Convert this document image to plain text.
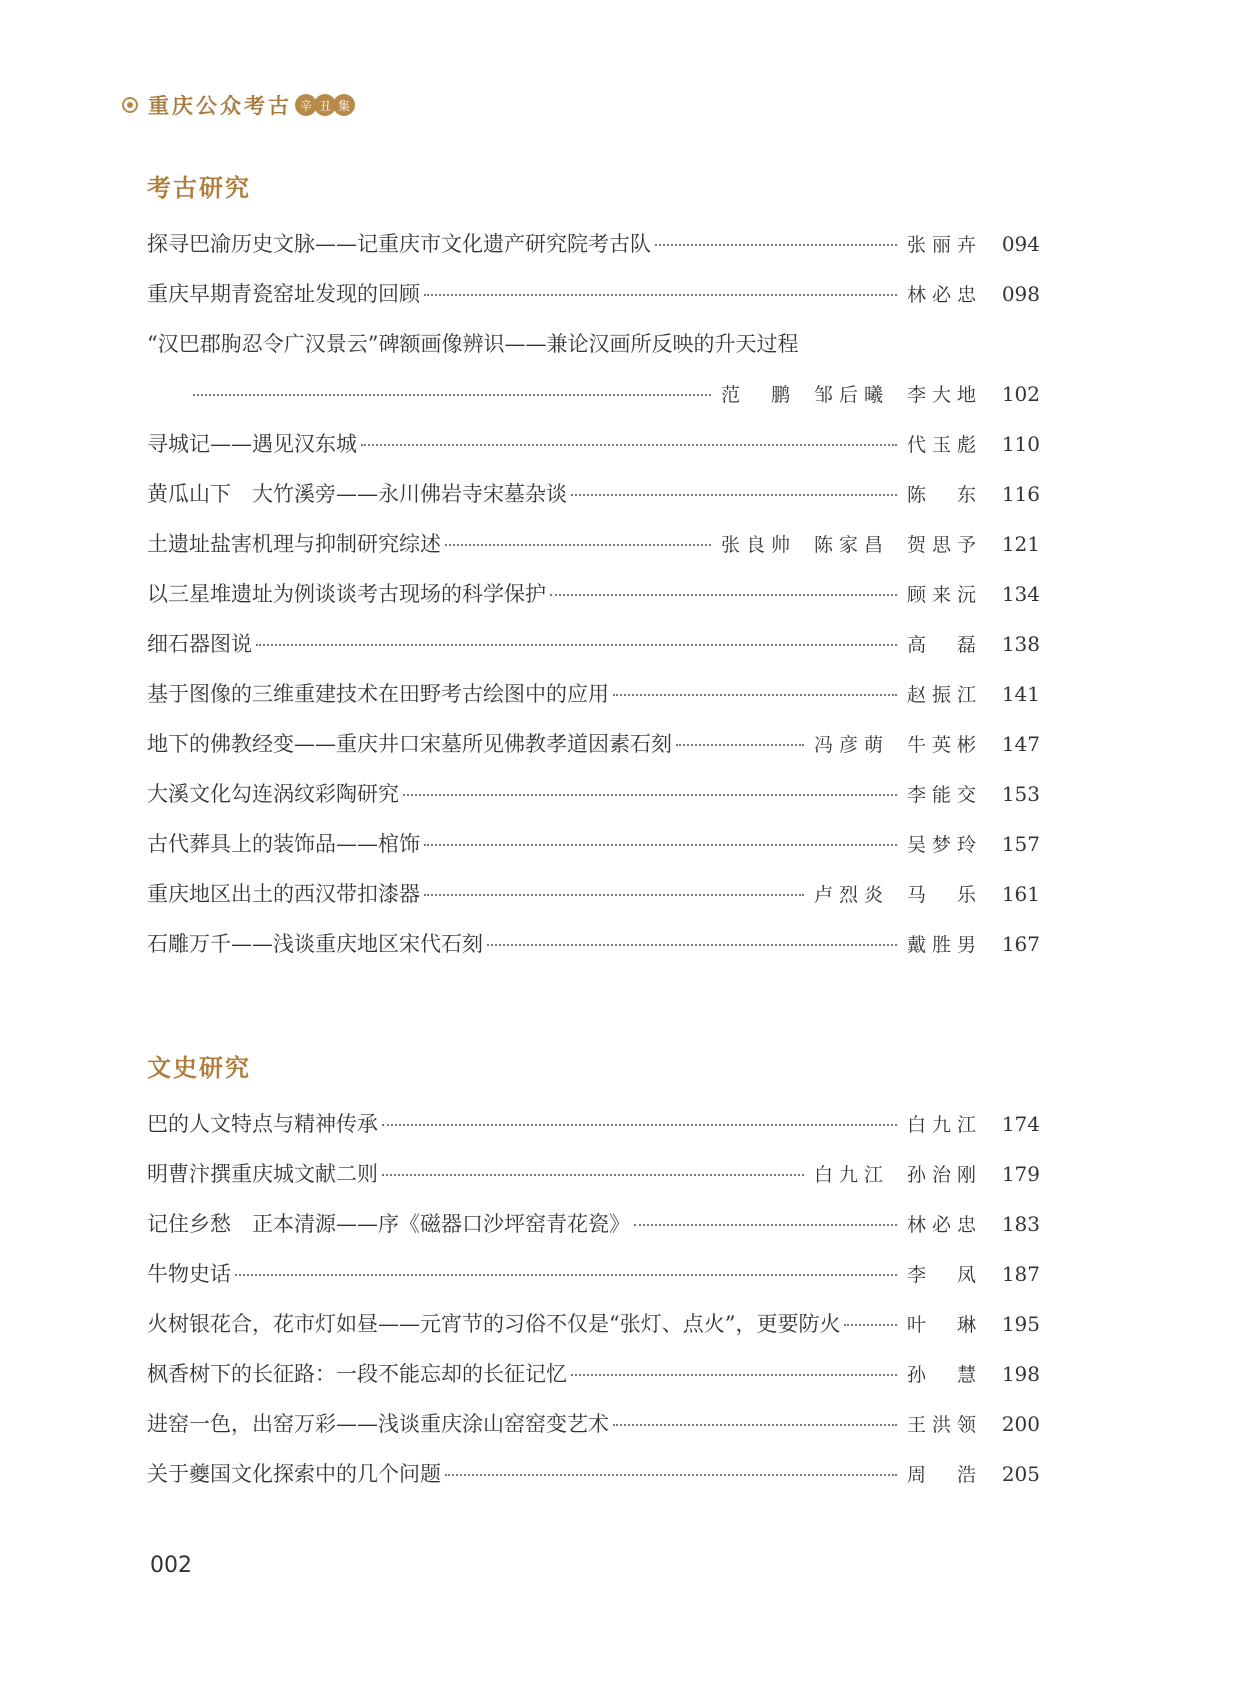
重庆公众考古 辛 丑 集
考古研究
探寻巴渝历史文脉——记重庆市文化遗产研究院考古队	张丽卉 094
重庆早期青瓷窑址发现的回顾	林必忠 098
“汉巴郡朐忍令广汉景云”碑额画像辨识——兼论汉画所反映的升天过程
范　鹏 邹后曦 李大地 102
寻城记——遇见汉东城	代玉彪 110
黄瓜山下　大竹溪旁——永川佛岩寺宋墓杂谈	陈　东 116
土遗址盐害机理与抑制研究综述	张良帅 陈家昌 贺思予 121
以三星堆遗址为例谈谈考古现场的科学保护	顾来沅 134
细石器图说	高　磊 138
基于图像的三维重建技术在田野考古绘图中的应用	赵振江 141
地下的佛教经变——重庆井口宋墓所见佛教孝道因素石刻	冯彦萌 牛英彬 147
大溪文化勾连涡纹彩陶研究	李能交 153
古代葬具上的装饰品——棺饰	吴梦玲 157
重庆地区出土的西汉带扣漆器	卢烈炎 马　乐 161
石雕万千——浅谈重庆地区宋代石刻	戴胜男 167
文史研究
巴的人文特点与精神传承	白九江 174
明曹汴撰重庆城文献二则	白九江 孙治刚 179
记住乡愁　正本清源——序《磁器口沙坪窑青花瓷》	林必忠 183
牛物史话	李　凤 187
火树银花合，花市灯如昼——元宵节的习俗不仅是“张灯、点火”，更要防火	叶　琳 195
枫香树下的长征路：一段不能忘却的长征记忆	孙　慧 198
进窑一色，出窑万彩——浅谈重庆涂山窑窑变艺术	王洪领 200
关于夔国文化探索中的几个问题	周　浩 205
002
